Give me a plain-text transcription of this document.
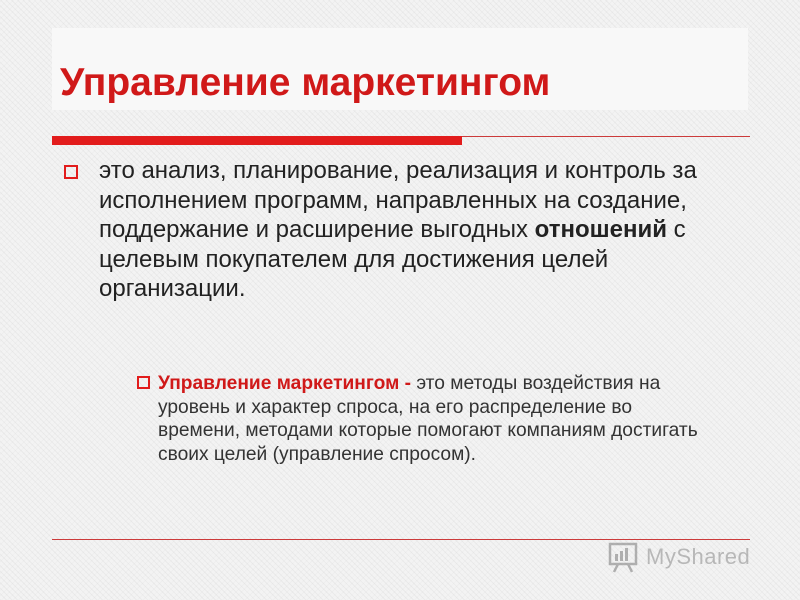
Управление маркетингом

это анализ, планирование, реализация и контроль за исполнением программ, направленных на создание, поддержание и расширение выгодных отношений с целевым покупателем для достижения целей организации.

Управление маркетингом - это методы воздействия на уровень и характер спроса, на его распределение во времени, методами которые помогают компаниям достигать своих целей (управление спросом).

MyShared
